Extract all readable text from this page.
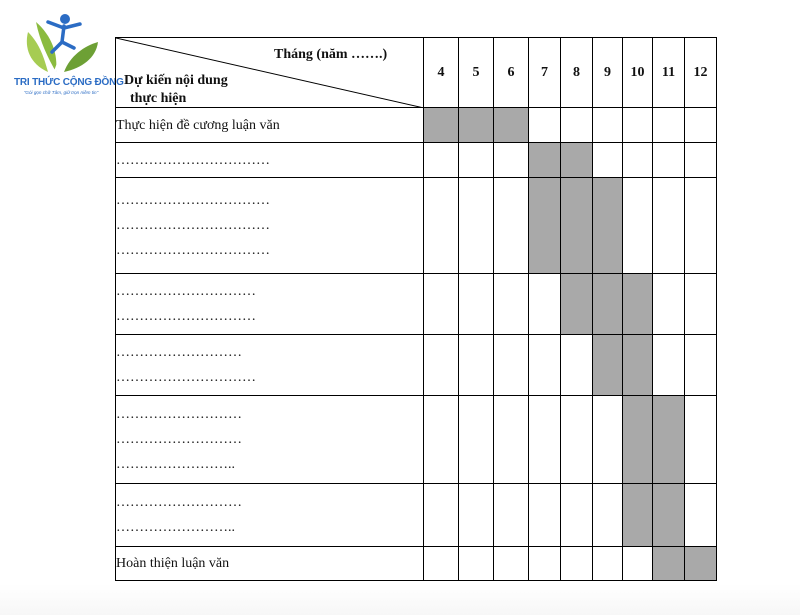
TRI THỨC CỘNG ĐỒNG
"Gói gọn chữ Tâm, giữ trọn niềm tin"
Tháng (năm …….)
Dự kiến nội dung
thực hiện	4	5	6	7	8	9	10	11	12

Thực hiện đề cương luận văn									

……………………………									

……………………………
……………………………
……………………………									

…………………………
…………………………									

………………………
…………………………									

………………………
………………………
……………………..									

………………………
……………………..									

Hoàn thiện luận văn									
